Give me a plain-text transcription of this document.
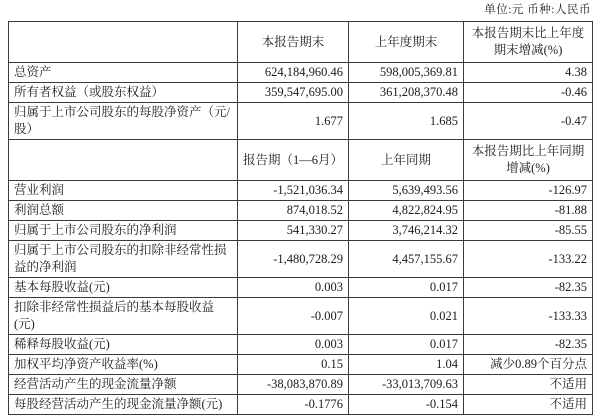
单位:元 币种:人民币
	本报告期末	上年度期末	本报告期末比上年度期末增减(%)
总资产	624,184,960.46	598,005,369.81	4.38
所有者权益（或股东权益）	359,547,695.00	361,208,370.48	-0.46
归属于上市公司股东的每股净资产（元/股）	1.677	1.685	-0.47
	报告期（1—6月）	上年同期	本报告期比上年同期增减(%)
营业利润	-1,521,036.34	5,639,493.56	-126.97
利润总额	874,018.52	4,822,824.95	-81.88
归属于上市公司股东的净利润	541,330.27	3,746,214.32	-85.55
归属于上市公司股东的扣除非经常性损益的净利润	-1,480,728.29	4,457,155.67	-133.22
基本每股收益(元)	0.003	0.017	-82.35
扣除非经常性损益后的基本每股收益(元)	-0.007	0.021	-133.33
稀释每股收益(元)	0.003	0.017	-82.35
加权平均净资产收益率(%)	0.15	1.04	减少0.89个百分点
经营活动产生的现金流量净额	-38,083,870.89	-33,013,709.63	不适用
每股经营活动产生的现金流量净额(元)	-0.1776	-0.154	不适用
